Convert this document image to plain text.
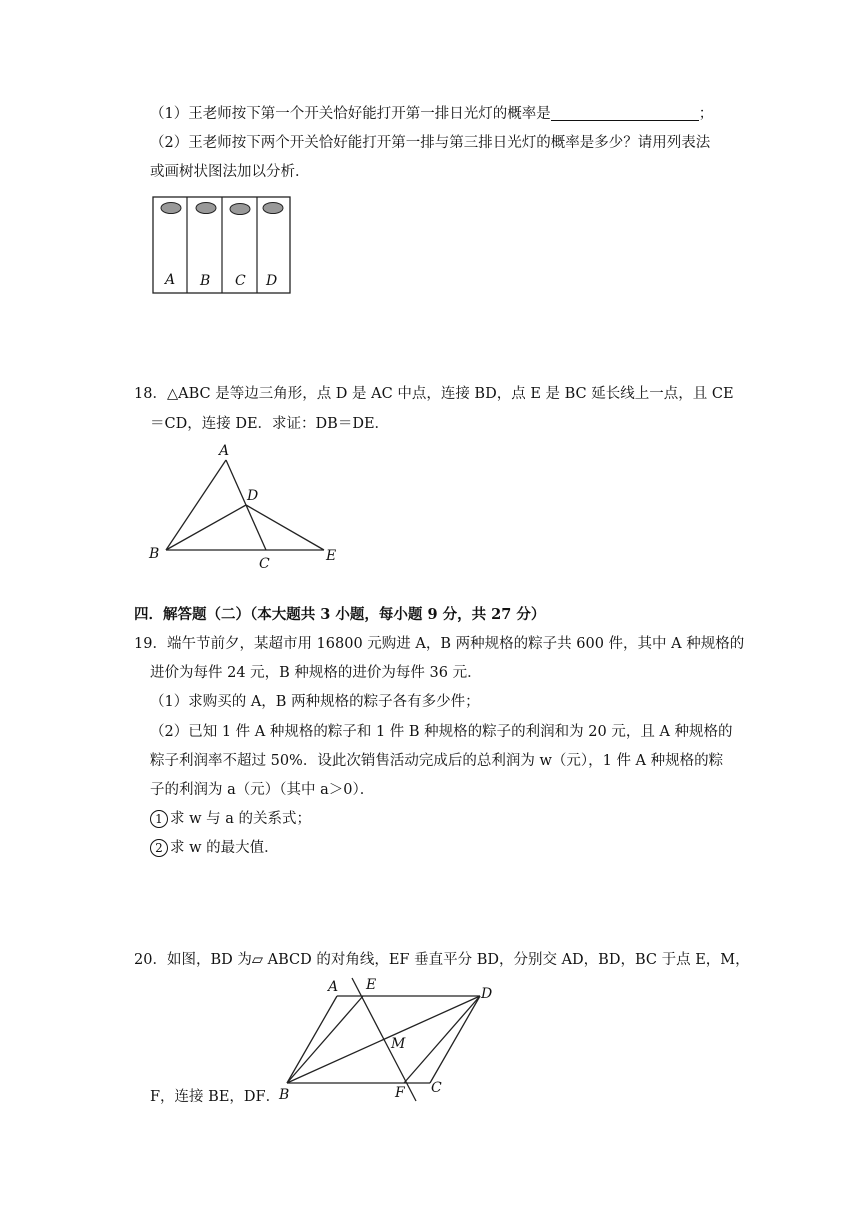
（1）王老师按下第一个开关恰好能打开第一排日光灯的概率是	；
（2）王老师按下两个开关恰好能打开第一排与第三排日光灯的概率是多少？请用列表法
或画树状图法加以分析．
A B C D
18．△ABC 是等边三角形，点 D 是 AC 中点，连接 BD，点 E 是 BC 延长线上一点，且 CE
＝CD，连接 DE．求证：DB＝DE．
A
D
B
C	E
四．解答题（二）（本大题共 3 小题，每小题 9 分，共 27 分）
19．端午节前夕，某超市用 16800 元购进 A，B 两种规格的粽子共 600 件，其中 A 种规格的
进价为每件 24 元，B 种规格的进价为每件 36 元．
（1）求购买的 A，B 两种规格的粽子各有多少件；
（2）已知 1 件 A 种规格的粽子和 1 件 B 种规格的粽子的利润和为 20 元，且 A 种规格的
粽子利润率不超过 50%．设此次销售活动完成后的总利润为 w（元），1 件 A 种规格的粽
子的利润为 a（元）（其中 a＞0）．
1 求 w 与 a 的关系式；
2 求 w 的最大值．
20．如图，BD 为▱ ABCD 的对角线，EF 垂直平分 BD，分别交 AD，BD，BC 于点 E，M，
A E
D
M
B	F C
F，连接 BE，DF．
